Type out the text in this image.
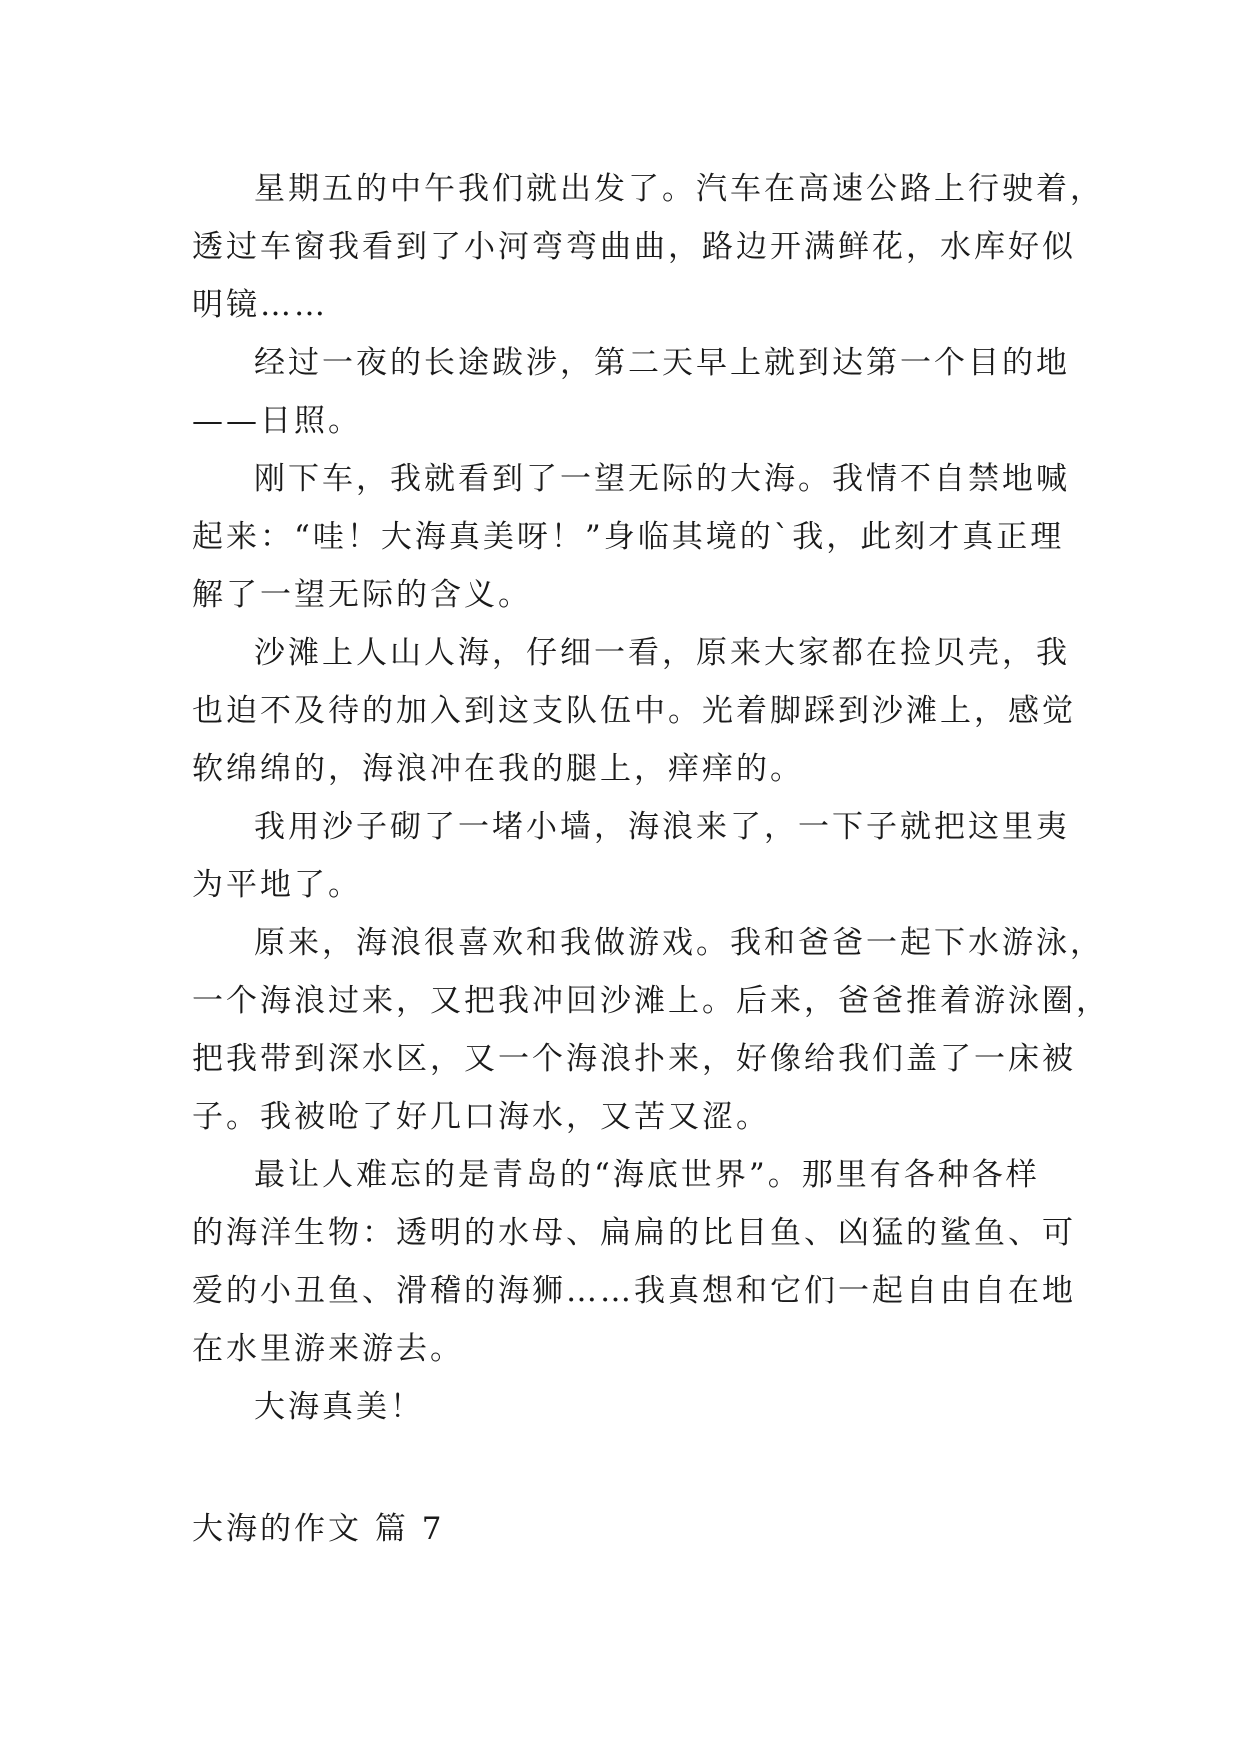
星期五的中午我们就出发了。汽车在高速公路上行驶着，
透过车窗我看到了小河弯弯曲曲，路边开满鲜花，水库好似
明镜……

经过一夜的长途跋涉，第二天早上就到达第一个目的地
——日照。

刚下车，我就看到了一望无际的大海。我情不自禁地喊
起来：“哇！大海真美呀！”身临其境的`我，此刻才真正理
解了一望无际的含义。

沙滩上人山人海，仔细一看，原来大家都在捡贝壳，我
也迫不及待的加入到这支队伍中。光着脚踩到沙滩上，感觉
软绵绵的，海浪冲在我的腿上，痒痒的。

我用沙子砌了一堵小墙，海浪来了，一下子就把这里夷
为平地了。

原来，海浪很喜欢和我做游戏。我和爸爸一起下水游泳，
一个海浪过来，又把我冲回沙滩上。后来，爸爸推着游泳圈，
把我带到深水区，又一个海浪扑来，好像给我们盖了一床被
子。我被呛了好几口海水，又苦又涩。

最让人难忘的是青岛的“海底世界”。那里有各种各样
的海洋生物：透明的水母、扁扁的比目鱼、凶猛的鲨鱼、可
爱的小丑鱼、滑稽的海狮……我真想和它们一起自由自在地
在水里游来游去。

大海真美！

大海的作文 篇 7
